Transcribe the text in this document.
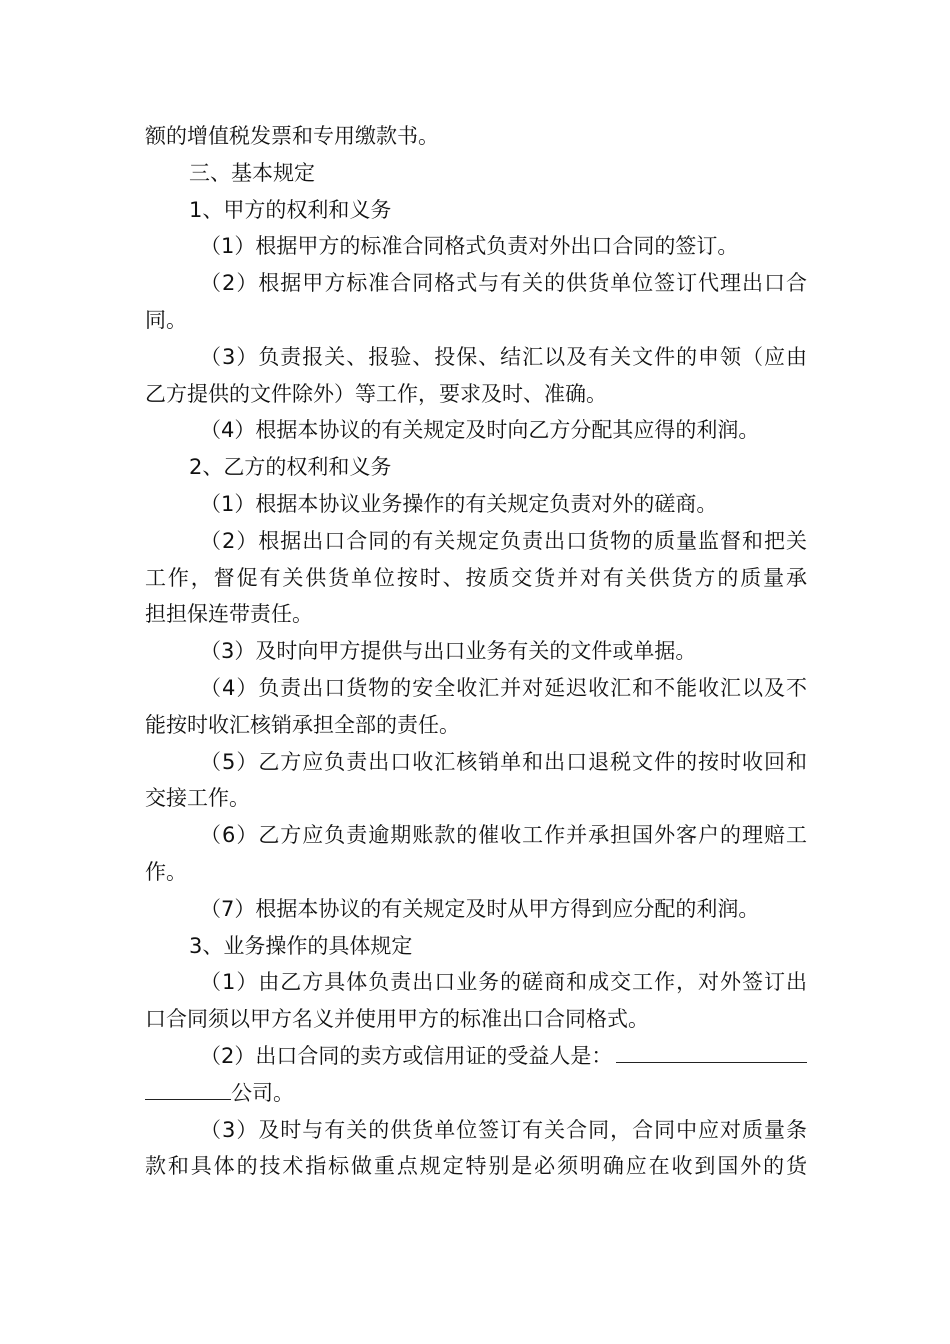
额的增值税发票和专用缴款书。
三、基本规定
1、甲方的权利和义务
（1）根据甲方的标准合同格式负责对外出口合同的签订。
（2）根据甲方标准合同格式与有关的供货单位签订代理出口合
同。
（3）负责报关、报验、投保、结汇以及有关文件的申领（应由
乙方提供的文件除外）等工作，要求及时、准确。
（4）根据本协议的有关规定及时向乙方分配其应得的利润。
2、乙方的权利和义务
（1）根据本协议业务操作的有关规定负责对外的磋商。
（2）根据出口合同的有关规定负责出口货物的质量监督和把关
工作，督促有关供货单位按时、按质交货并对有关供货方的质量承
担担保连带责任。
（3）及时向甲方提供与出口业务有关的文件或单据。
（4）负责出口货物的安全收汇并对延迟收汇和不能收汇以及不
能按时收汇核销承担全部的责任。
（5）乙方应负责出口收汇核销单和出口退税文件的按时收回和
交接工作。
（6）乙方应负责逾期账款的催收工作并承担国外客户的理赔工
作。
（7）根据本协议的有关规定及时从甲方得到应分配的利润。
3、业务操作的具体规定
（1）由乙方具体负责出口业务的磋商和成交工作，对外签订出
口合同须以甲方名义并使用甲方的标准出口合同格式。
（2）出口合同的卖方或信用证的受益人是：
公司。
（3）及时与有关的供货单位签订有关合同，合同中应对质量条
款和具体的技术指标做重点规定特别是必须明确应在收到国外的货
